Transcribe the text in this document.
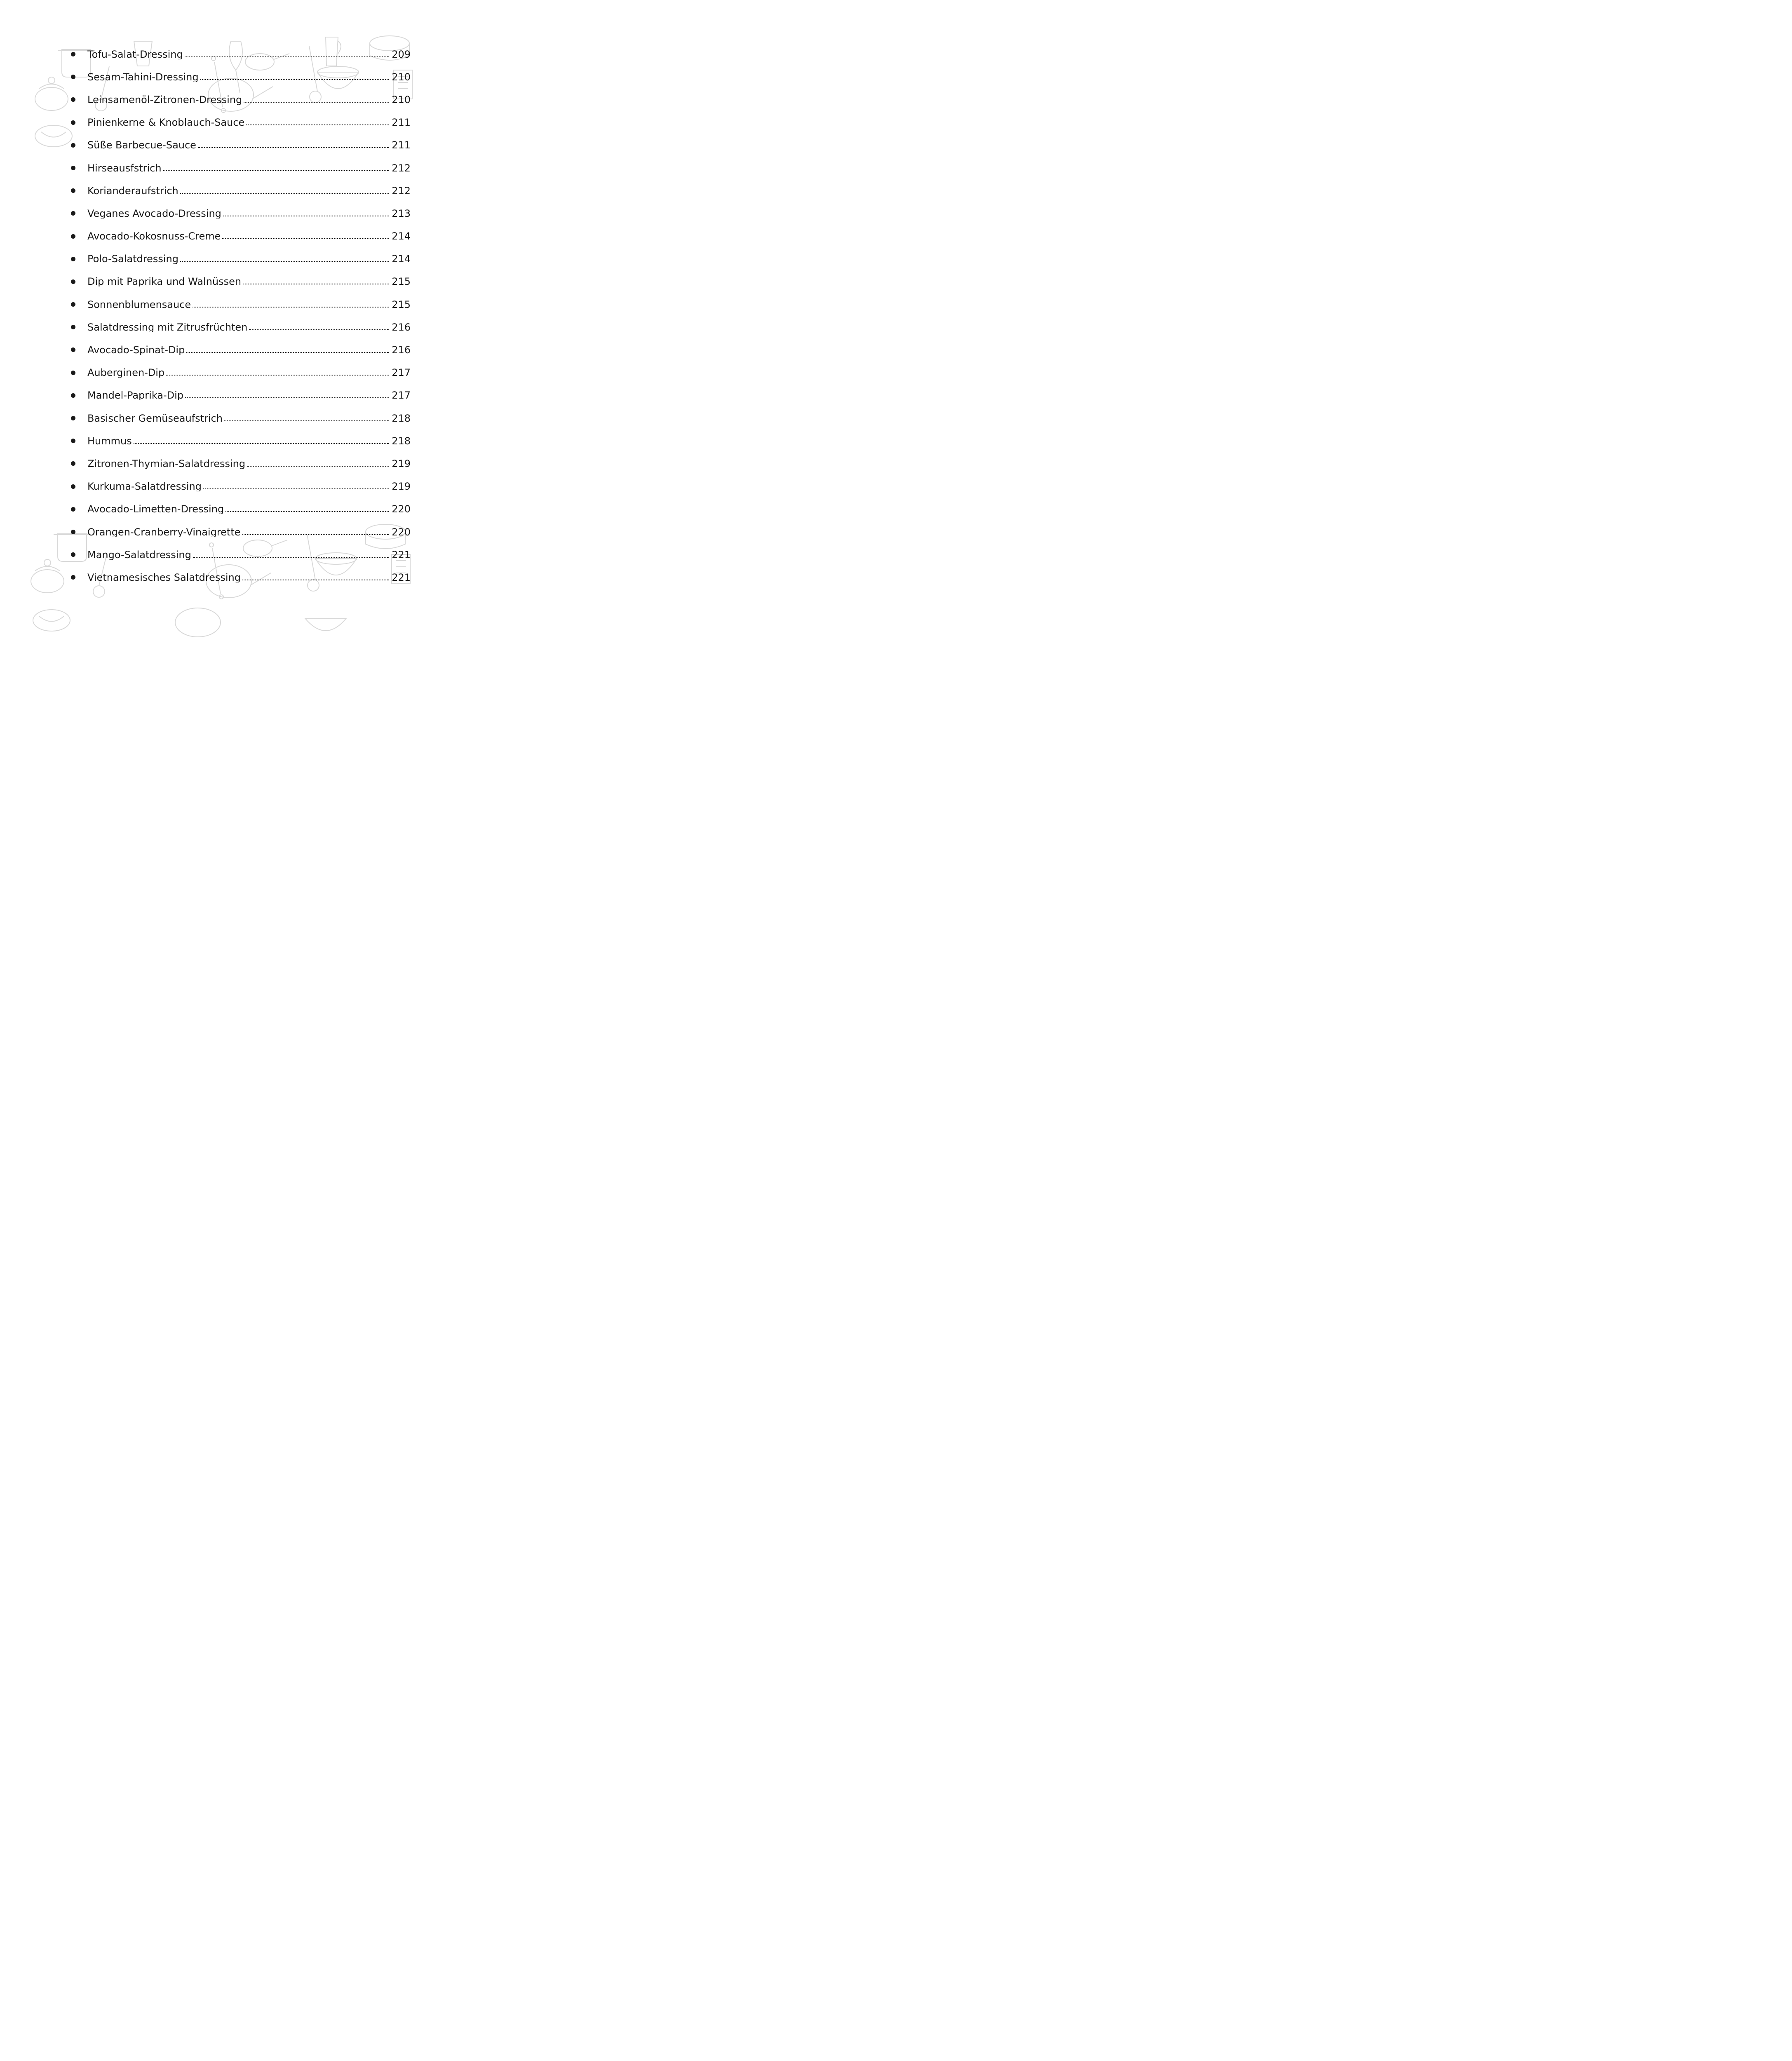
Tofu-Salat-Dressing	209
Sesam-Tahini-Dressing	210
Leinsamenöl-Zitronen-Dressing	210
Pinienkerne & Knoblauch-Sauce	211
Süße Barbecue-Sauce	211
Hirseausfstrich	212
Korianderaufstrich	212
Veganes Avocado-Dressing	213
Avocado-Kokosnuss-Creme	214
Polo-Salatdressing	214
Dip mit Paprika und Walnüssen	215
Sonnenblumensauce	215
Salatdressing mit Zitrusfrüchten	216
Avocado-Spinat-Dip	216
Auberginen-Dip	217
Mandel-Paprika-Dip	217
Basischer Gemüseaufstrich	218
Hummus	218
Zitronen-Thymian-Salatdressing	219
Kurkuma-Salatdressing	219
Avocado-Limetten-Dressing	220
Orangen-Cranberry-Vinaigrette	220
Mango-Salatdressing	221
Vietnamesisches Salatdressing	221
